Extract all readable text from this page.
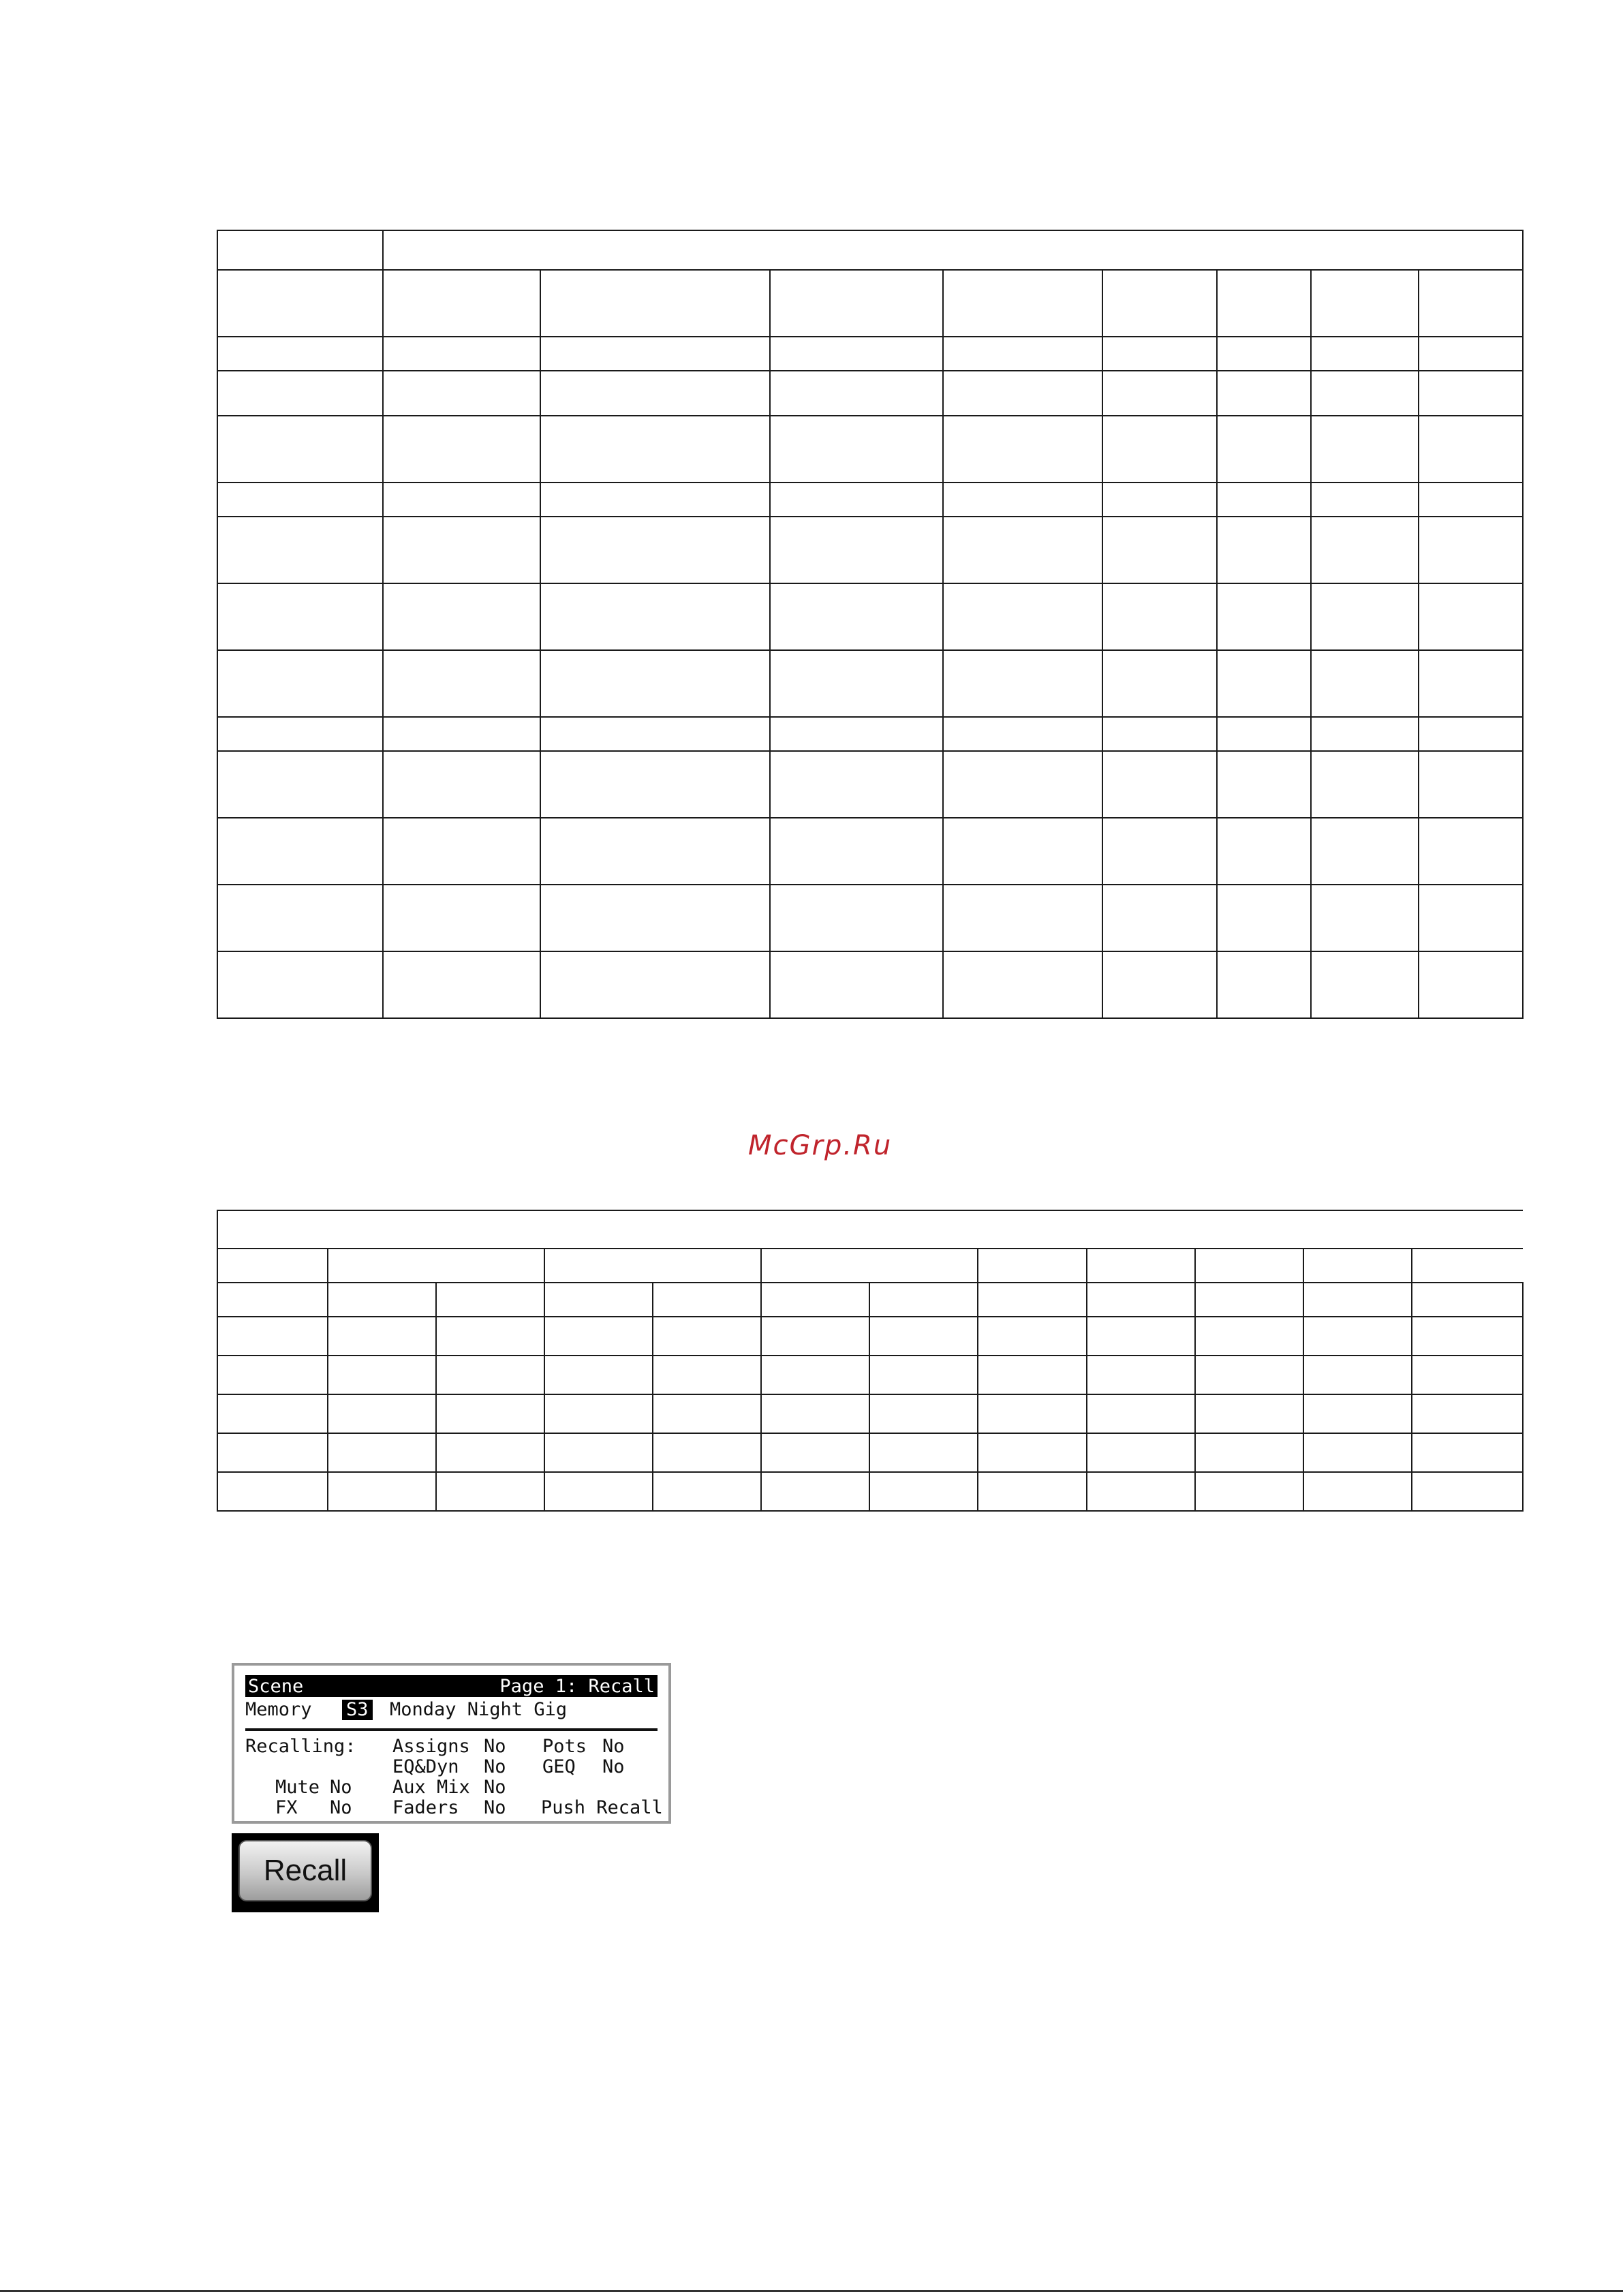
McGrp.Ru

Scene	Page 1: Recall
Memory S3 Monday Night Gig
Recalling: Assigns No Pots No
EQ&Dyn No GEQ No
Mute No Aux Mix No
FX No Faders No Push Recall
Recall
